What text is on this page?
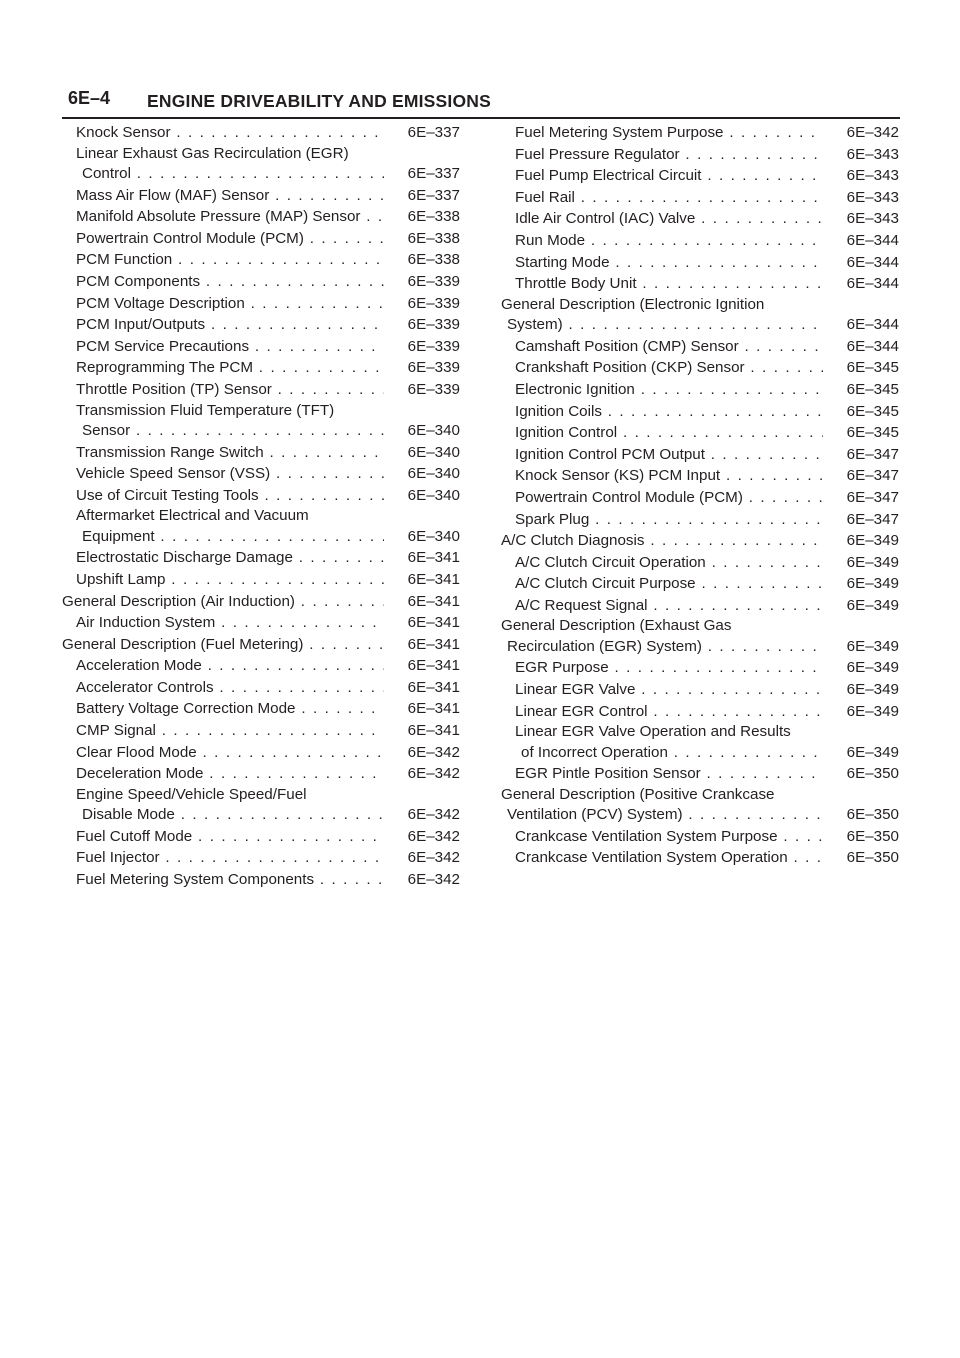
6E–4 ENGINE DRIVEABILITY AND EMISSIONS
Knock Sensor . . .	6E–337
Linear Exhaust Gas Recirculation (EGR)
Control . . .	6E–337
Mass Air Flow (MAF) Sensor . . .	6E–337
Manifold Absolute Pressure (MAP) Sensor . . .	6E–338
Powertrain Control Module (PCM) . . .	6E–338
PCM Function . . .	6E–338
PCM Components . . .	6E–339
PCM Voltage Description . . .	6E–339
PCM Input/Outputs . . .	6E–339
PCM Service Precautions . . .	6E–339
Reprogramming The PCM . . .	6E–339
Throttle Position (TP) Sensor . . .	6E–339
Transmission Fluid Temperature (TFT)
Sensor . . .	6E–340
Transmission Range Switch . . .	6E–340
Vehicle Speed Sensor (VSS) . . .	6E–340
Use of Circuit Testing Tools . . .	6E–340
Aftermarket Electrical and Vacuum
Equipment . . .	6E–340
Electrostatic Discharge Damage . . .	6E–341
Upshift Lamp . . .	6E–341
General Description (Air Induction) . . .	6E–341
Air Induction System . . .	6E–341
General Description (Fuel Metering) . . .	6E–341
Acceleration Mode . . .	6E–341
Accelerator Controls . . .	6E–341
Battery Voltage Correction Mode . . .	6E–341
CMP Signal . . .	6E–341
Clear Flood Mode . . .	6E–342
Deceleration Mode . . .	6E–342
Engine Speed/Vehicle Speed/Fuel
Disable Mode . . .	6E–342
Fuel Cutoff Mode . . .	6E–342
Fuel Injector . . .	6E–342
Fuel Metering System Components . . .	6E–342
Fuel Metering System Purpose . . .	6E–342
Fuel Pressure Regulator . . .	6E–343
Fuel Pump Electrical Circuit . . .	6E–343
Fuel Rail . . .	6E–343
Idle Air Control (IAC) Valve . . .	6E–343
Run Mode . . .	6E–344
Starting Mode . . .	6E–344
Throttle Body Unit . . .	6E–344
General Description (Electronic Ignition
System) . . .	6E–344
Camshaft Position (CMP) Sensor . . .	6E–344
Crankshaft Position (CKP) Sensor . . .	6E–345
Electronic Ignition . . .	6E–345
Ignition Coils . . .	6E–345
Ignition Control . . .	6E–345
Ignition Control PCM Output . . .	6E–347
Knock Sensor (KS) PCM Input . . .	6E–347
Powertrain Control Module (PCM) . . .	6E–347
Spark Plug . . .	6E–347
A/C Clutch Diagnosis . . .	6E–349
A/C Clutch Circuit Operation . . .	6E–349
A/C Clutch Circuit Purpose . . .	6E–349
A/C Request Signal . . .	6E–349
General Description (Exhaust Gas
Recirculation (EGR) System) . . .	6E–349
EGR Purpose . . .	6E–349
Linear EGR Valve . . .	6E–349
Linear EGR Control . . .	6E–349
Linear EGR Valve Operation and Results
of Incorrect Operation . . .	6E–349
EGR Pintle Position Sensor . . .	6E–350
General Description (Positive Crankcase
Ventilation (PCV) System) . . .	6E–350
Crankcase Ventilation System Purpose . . .	6E–350
Crankcase Ventilation System Operation . . .	6E–350
